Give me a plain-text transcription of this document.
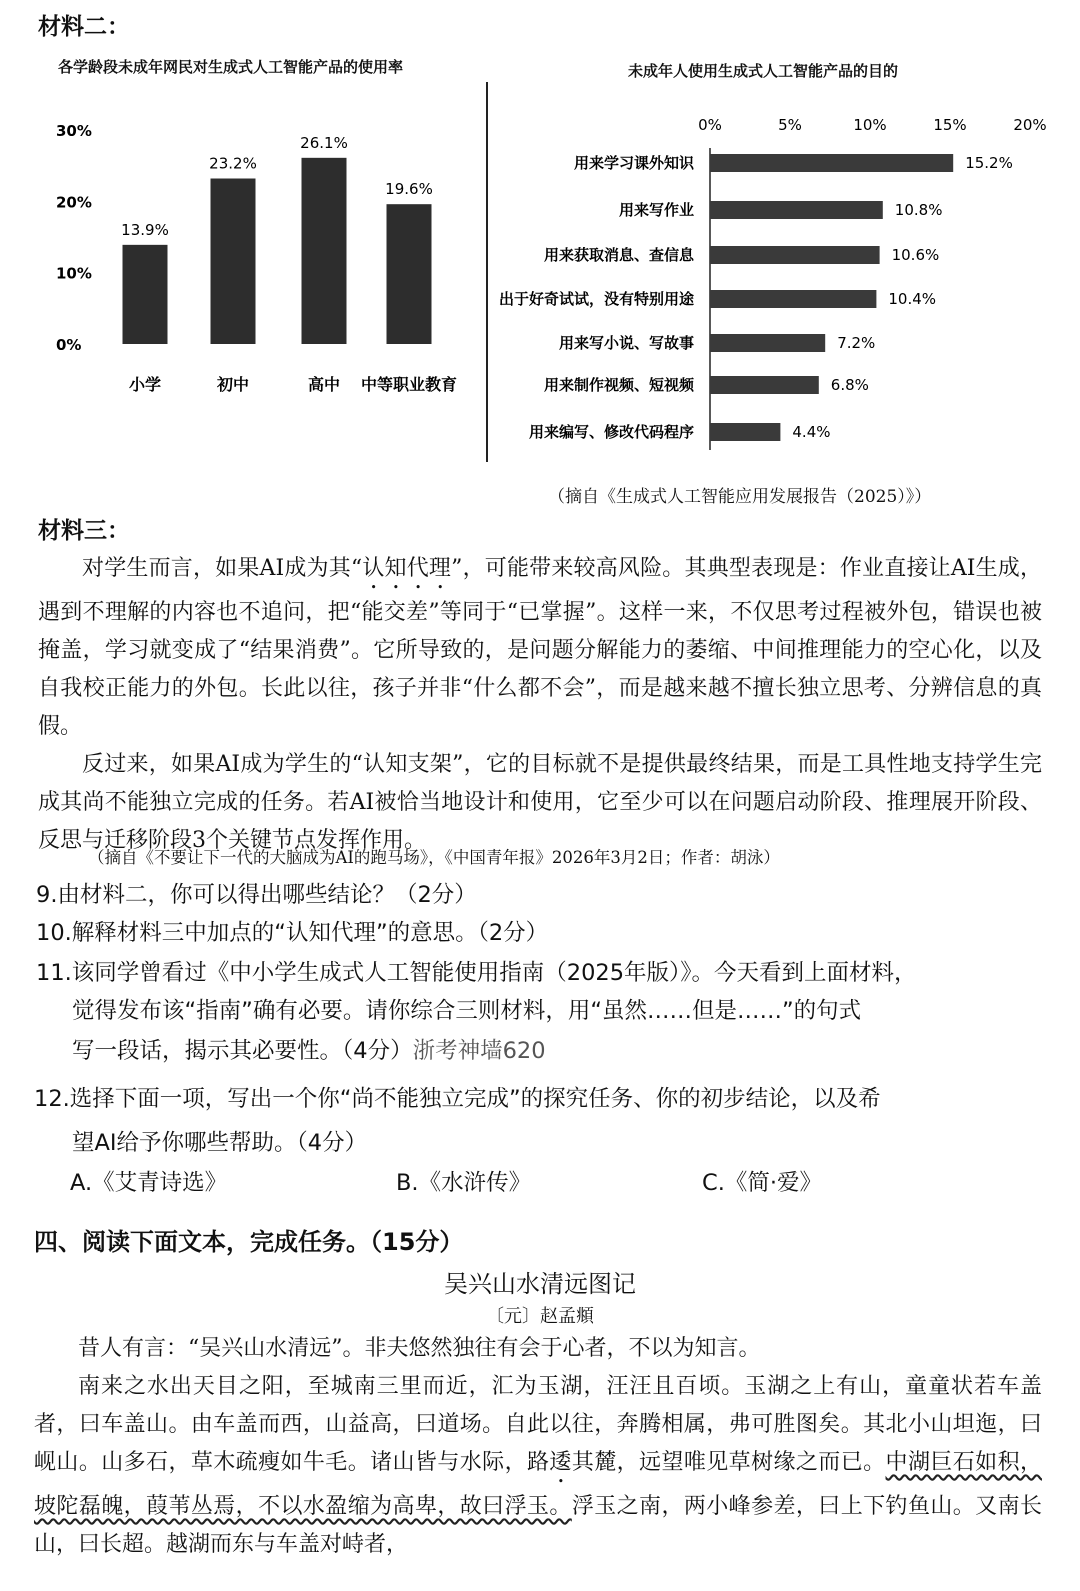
材料二：
各学龄段未成年网民对生成式人工智能产品的使用率
0%
10%
20%
30%
13.9%
小学
23.2%
初中
26.1%
高中
19.6%
中等职业教育
未成年人使用生成式人工智能产品的目的
0%	5%	10%	15%	20%
15.2%
用来学习课外知识
10.8%
用来写作业
10.6%
用来获取消息、查信息
10.4%
出于好奇试试，没有特别用途
7.2%
用来写小说、写故事
6.8%
用来制作视频、短视频
4.4%
用来编写、修改代码程序
（摘自《生成式人工智能应用发展报告（2025）》）
材料三：

对学生而言，如果AI成为其“认知代理”，可能带来较高风险。其典型表现是：作业直接让AI生成，遇到不理解的内容也不追问，把“能交差”等同于“已掌握”。这样一来，不仅思考过程被外包，错误也被掩盖，学习就变成了“结果消费”。它所导致的，是问题分解能力的萎缩、中间推理能力的空心化，以及自我校正能力的外包。长此以往，孩子并非“什么都不会”，而是越来越不擅长独立思考、分辨信息的真假。

反过来，如果AI成为学生的“认知支架”，它的目标就不是提供最终结果，而是工具性地支持学生完成其尚不能独立完成的任务。若AI被恰当地设计和使用，它至少可以在问题启动阶段、推理展开阶段、反思与迁移阶段3个关键节点发挥作用。

（摘自《不要让下一代的大脑成为AI的跑马场》，《中国青年报》2026年3月2日；作者：胡泳）
9.由材料二，你可以得出哪些结论？（2分）
10.解释材料三中加点的“认知代理”的意思。（2分）
11.该同学曾看过《中小学生成式人工智能使用指南（2025年版）》。今天看到上面材料，
觉得发布该“指南”确有必要。请你综合三则材料，用“虽然……但是……”的句式
写一段话，揭示其必要性。（4分）浙考神墙620
12.选择下面一项，写出一个你“尚不能独立完成”的探究任务、你的初步结论，以及希
望AI给予你哪些帮助。（4分）
A.《艾青诗选》	B.《水浒传》	C.《简·爱》
四、阅读下面文本，完成任务。（15分）
吴兴山水清远图记
〔元〕赵孟頫

昔人有言：“吴兴山水清远”。非夫悠然独往有会于心者，不以为知言。

南来之水出天目之阳，至城南三里而近，汇为玉湖，汪汪且百顷。玉湖之上有山，童童状若车盖者，曰车盖山。由车盖而西，山益高，曰道场。自此以往，奔腾相属，弗可胜图矣。其北小山坦迤，曰岘山。山多石，草木疏瘦如牛毛。诸山皆与水际，路逶其麓，远望唯见草树缘之而已。中湖巨石如积，坡陀磊魄，葭苇丛焉，不以水盈缩为高卑，故曰浮玉。浮玉之南，两小峰参差，曰上下钓鱼山。又南长山，曰长超。越湖而东与车盖对峙者，
